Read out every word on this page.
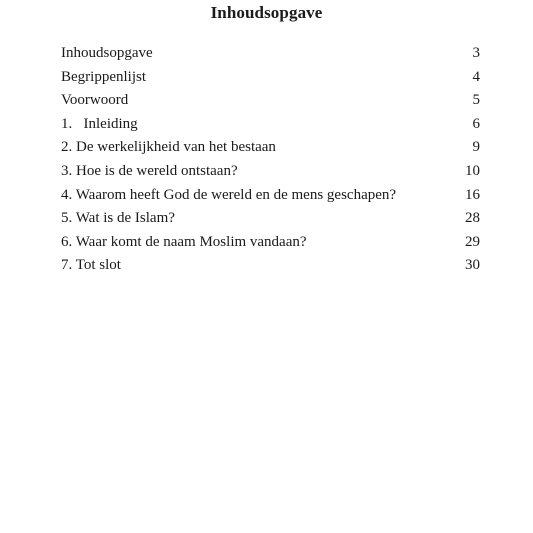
Inhoudsopgave
Inhoudsopgave	3
Begrippenlijst	4
Voorwoord	5
1.   Inleiding	6
2. De werkelijkheid van het bestaan	9
3. Hoe is de wereld ontstaan?	10
4. Waarom heeft God de wereld en de mens geschapen?	16
5. Wat is de Islam?	28
6. Waar komt de naam Moslim vandaan?	29
7. Tot slot	30
